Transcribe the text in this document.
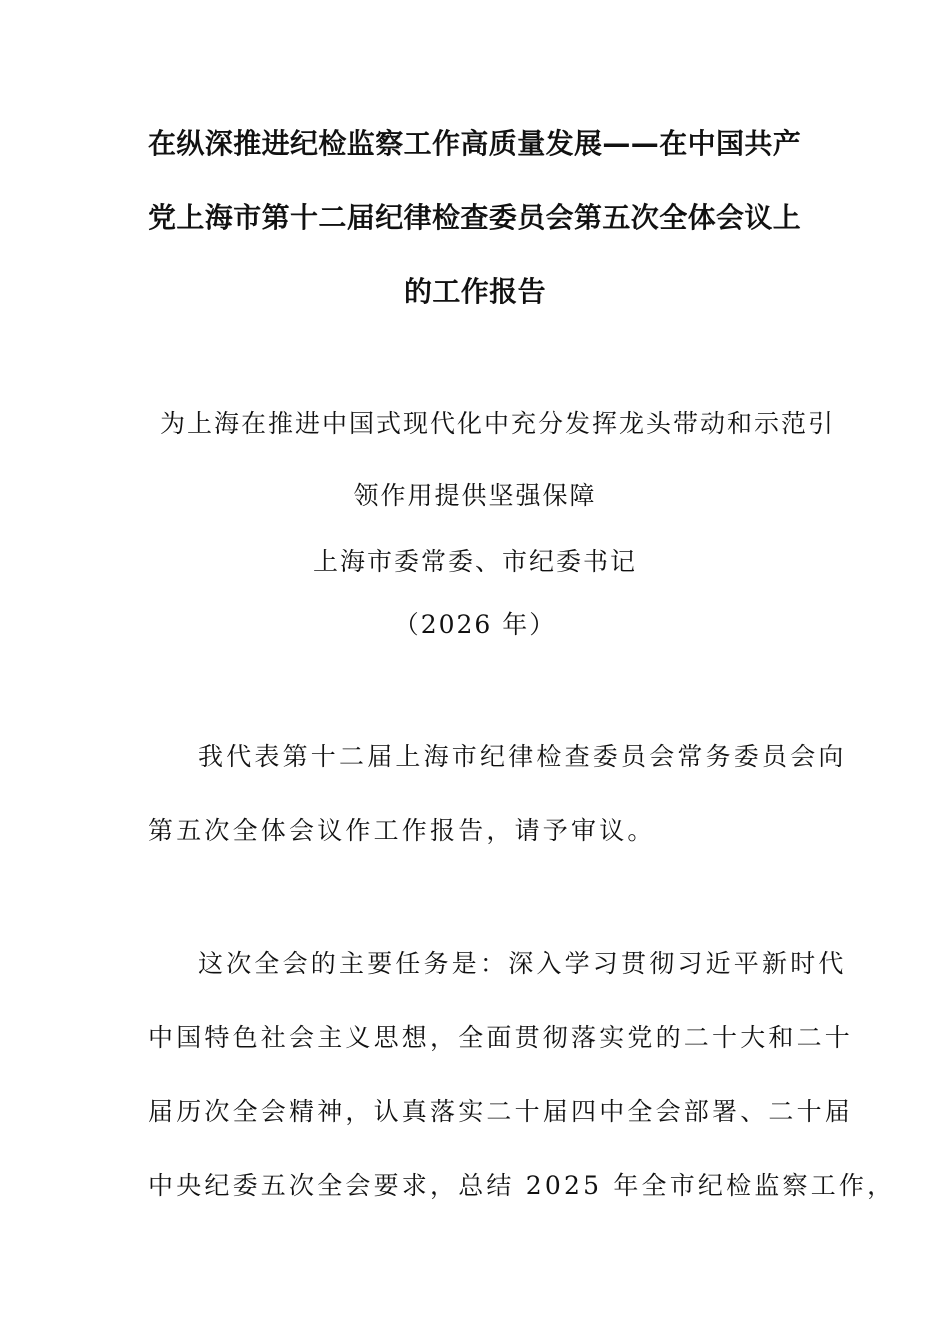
在纵深推进纪检监察工作高质量发展——在中国共产
党上海市第十二届纪律检查委员会第五次全体会议上
的工作报告
为上海在推进中国式现代化中充分发挥龙头带动和示范引
领作用提供坚强保障
上海市委常委、市纪委书记
（2026 年）
我代表第十二届上海市纪律检查委员会常务委员会向
第五次全体会议作工作报告，请予审议。
这次全会的主要任务是：深入学习贯彻习近平新时代
中国特色社会主义思想，全面贯彻落实党的二十大和二十
届历次全会精神，认真落实二十届四中全会部署、二十届
中央纪委五次全会要求，总结 2025 年全市纪检监察工作，
